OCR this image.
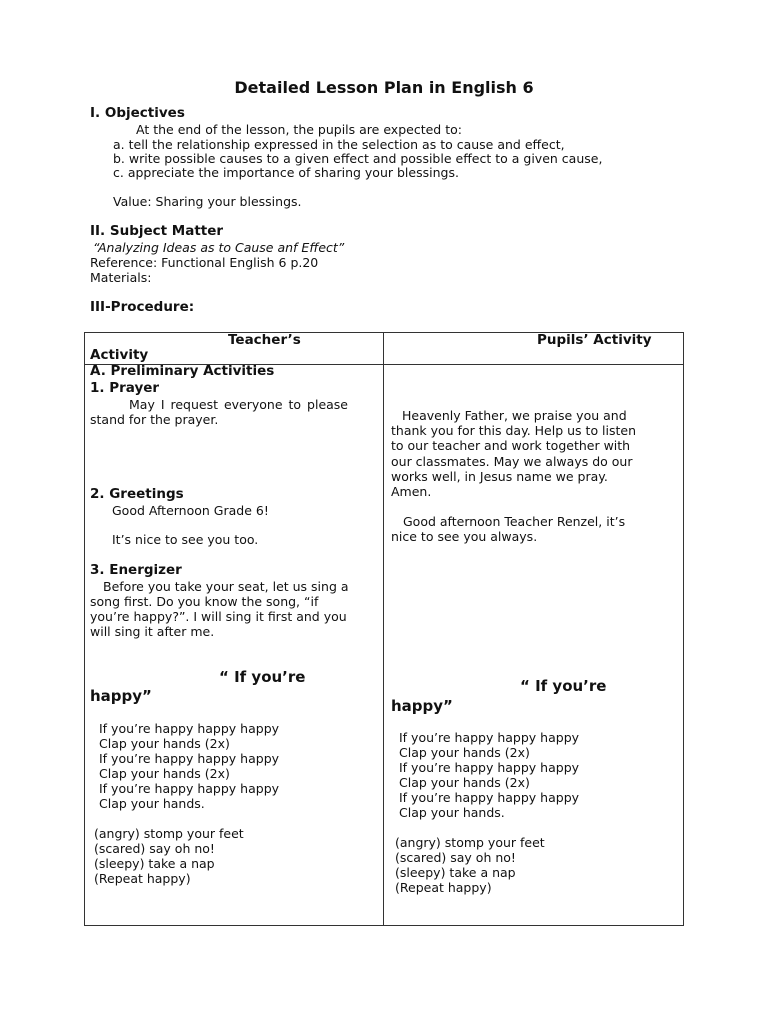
Detailed Lesson Plan in English 6
I. Objectives
At the end of the lesson, the pupils are expected to:
a. tell the relationship expressed in the selection as to cause and effect,
b. write possible causes to a given effect and possible effect to a given cause,
c. appreciate the importance of sharing your blessings.
Value: Sharing your blessings.
II. Subject Matter
“Analyzing Ideas as to Cause anf Effect”
Reference: Functional English 6 p.20
Materials:
III-Procedure:
Teacher’s
Activity
Pupils’ Activity
A. Preliminary Activities
1. Prayer
May I request everyone to please
stand for the prayer.
2. Greetings
Good Afternoon Grade 6!
It’s nice to see you too.
3. Energizer
Before you take your seat, let us sing a
song first. Do you know the song, “if
you’re happy?”. I will sing it first and you
will sing it after me.
“ If you’re
happy”
If you’re happy happy happy
Clap your hands (2x)
If you’re happy happy happy
Clap your hands (2x)
If you’re happy happy happy
Clap your hands.
(angry) stomp your feet
(scared) say oh no!
(sleepy) take a nap
(Repeat happy)
Heavenly Father, we praise you and
thank you for this day. Help us to listen
to our teacher and work together with
our classmates. May we always do our
works well, in Jesus name we pray.
Amen.
Good afternoon Teacher Renzel, it’s
nice to see you always.
“ If you’re
happy”
If you’re happy happy happy
Clap your hands (2x)
If you’re happy happy happy
Clap your hands (2x)
If you’re happy happy happy
Clap your hands.
(angry) stomp your feet
(scared) say oh no!
(sleepy) take a nap
(Repeat happy)
